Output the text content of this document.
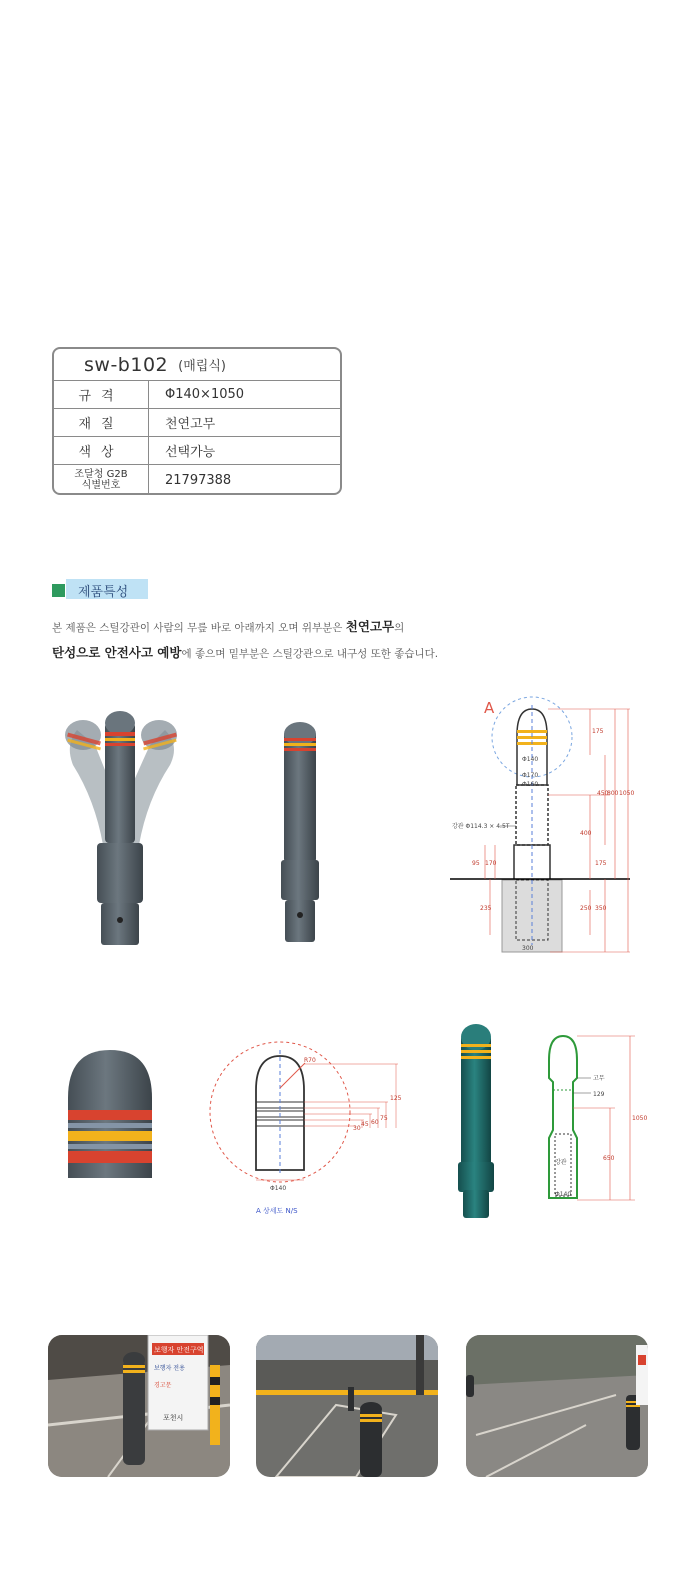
sw-b102 (매립식)
규격	Φ140×1050
재질	천연고무
색상	선택가능
조달청 G2B
식별번호	21797388
제품특성
본 제품은 스틸강관이 사람의 무릎 바로 아래까지 오며 위부분은 천연고무의
탄성으로 안전사고 예방에 좋으며 밑부분은 스틸강관으로 내구성 또한 좋습니다.
A
Φ140
Φ170
Φ160
강관 Φ114.3 × 4.5T
300
175
450
800 1050
400
175
250 350
95 170
235
R70
125
75
60
45
30
Φ140
A 상세도 N/S
고무
129
강관
Φ140
1050
650
보행자 안전구역
보행자 전용
경고문
포천시
